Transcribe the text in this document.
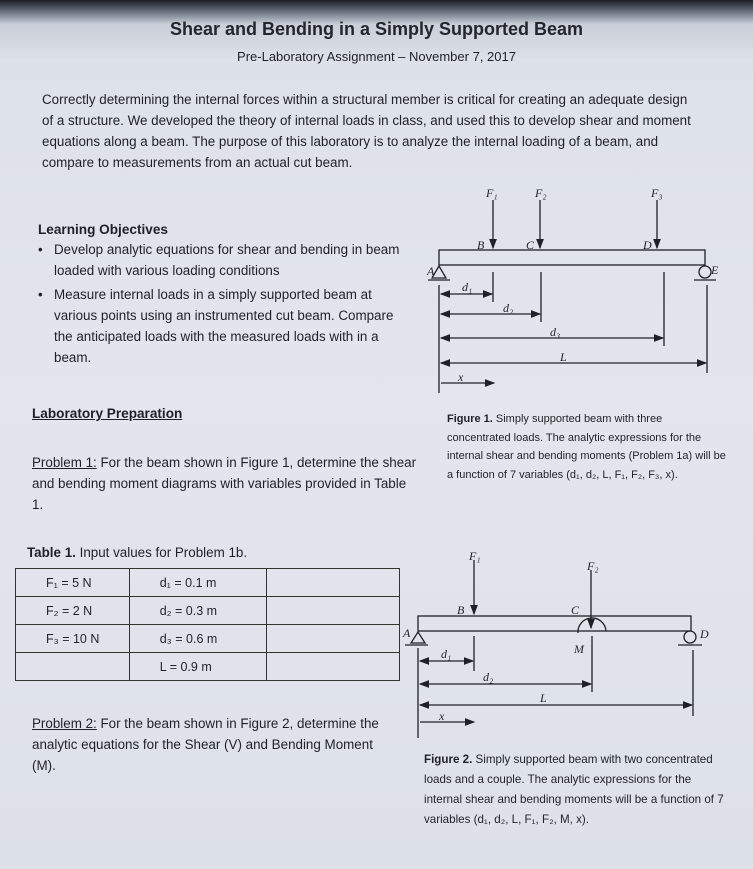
Shear and Bending in a Simply Supported Beam
Pre-Laboratory Assignment – November 7, 2017

Correctly determining the internal forces within a structural member is critical for creating an adequate design of a structure. We developed the theory of internal loads in class, and used this to develop shear and moment equations along a beam. The purpose of this laboratory is to analyze the internal loading of a beam, and compare to measurements from an actual cut beam.

Learning Objectives
• Develop analytic equations for shear and bending in beam loaded with various loading conditions
• Measure internal loads in a simply supported beam at various points using an instrumented cut beam. Compare the anticipated loads with the measured loads with in a beam.
Laboratory Preparation

Problem 1: For the beam shown in Figure 1, determine the shear and bending moment diagrams with variables provided in Table 1.

Table 1. Input values for Problem 1b.
F₁ = 5 N	d₁ = 0.1 m	
F₂ = 2 N	d₂ = 0.3 m	
F₃ = 10 N	d₃ = 0.6 m	
	L = 0.9 m	

Problem 2: For the beam shown in Figure 2, determine the analytic equations for the Shear (V) and Bending Moment (M).

Figure 1. Simply supported beam with three concentrated loads. The analytic expressions for the internal shear and bending moments (Problem 1a) will be a function of 7 variables (d₁, d₂, L, F₁, F₂, F₃, x).

Figure 2. Simply supported beam with two concentrated loads and a couple. The analytic expressions for the internal shear and bending moments will be a function of 7 variables (d₁, d₂, L, F₁, F₂, M, x).

F₁	F₂	F₃
A
B	C	D
E
d₁
d₂
d₃
L
x
F₁
F₂
A
B	C
D
M
d₁
d₂
L
x
